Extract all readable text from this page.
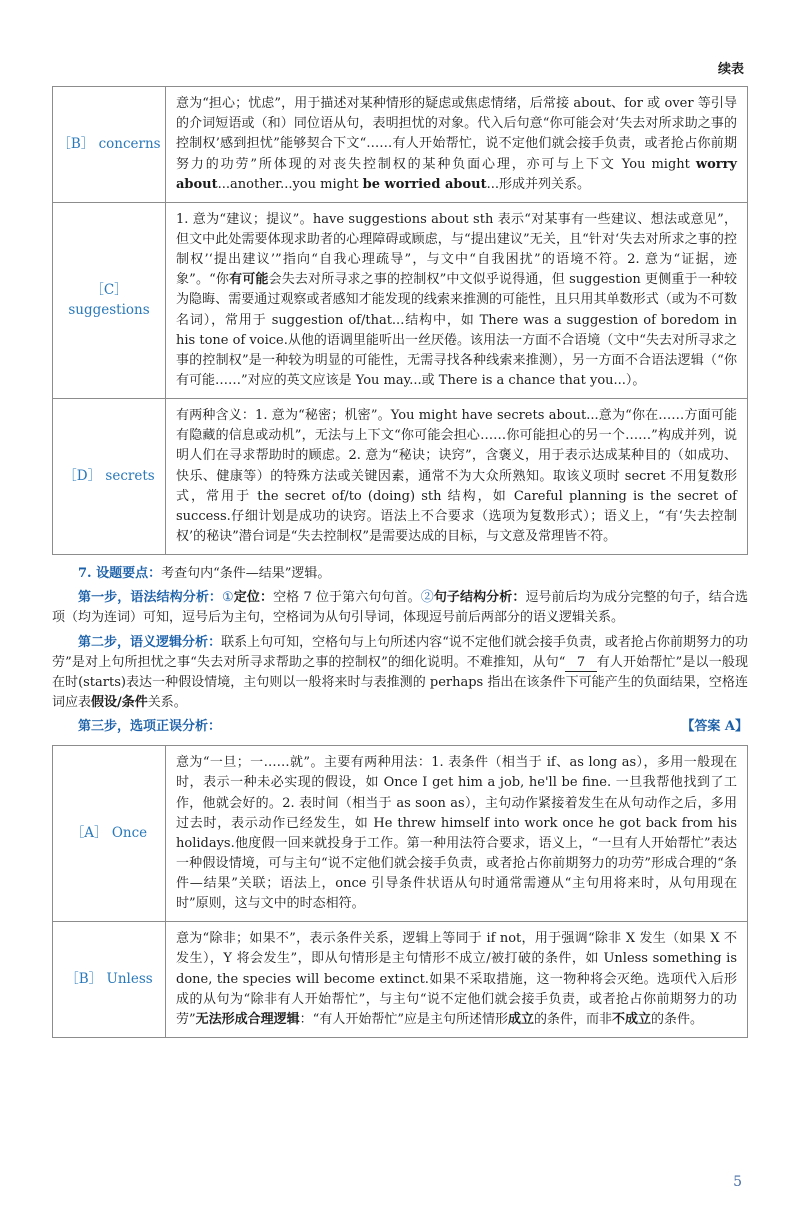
续表
［B］ concerns	意为“担心；忧虑”，用于描述对某种情形的疑虑或焦虑情绪，后常接 about、for 或 over 等引导的介词短语或（和）同位语从句，表明担忧的对象。代入后句意“你可能会对‘失去对所求助之事的控制权’感到担忧”能够契合下文“……有人开始帮忙，说不定他们就会接手负责，或者抢占你前期努力的功劳”所体现的对丧失控制权的某种负面心理，亦可与上下文 You might worry about...another...you might be worried about...形成并列关系。
［C］ suggestions	1. 意为“建议；提议”。have suggestions about sth 表示“对某事有一些建议、想法或意见”，但文中此处需要体现求助者的心理障碍或顾虑，与“提出建议”无关，且“针对‘失去对所求之事的控制权’‘提出建议’”指向“自我心理疏导”，与文中“自我困扰”的语境不符。2. 意为“证据，迹象”。“你有可能会失去对所寻求之事的控制权”中文似乎说得通，但 suggestion 更侧重于一种较为隐晦、需要通过观察或者感知才能发现的线索来推测的可能性，且只用其单数形式（或为不可数名词），常用于 suggestion of/that...结构中，如 There was a suggestion of boredom in his tone of voice.从他的语调里能听出一丝厌倦。该用法一方面不合语境（文中“失去对所寻求之事的控制权”是一种较为明显的可能性，无需寻找各种线索来推测），另一方面不合语法逻辑（“你有可能……”对应的英文应该是 You may...或 There is a chance that you...）。
［D］ secrets	有两种含义：1. 意为“秘密；机密”。You might have secrets about...意为“你在……方面可能有隐藏的信息或动机”，无法与上下文“你可能会担心……你可能担心的另一个……”构成并列，说明人们在寻求帮助时的顾虑。2. 意为“秘诀；诀窍”，含褒义，用于表示达成某种目的（如成功、快乐、健康等）的特殊方法或关键因素，通常不为大众所熟知。取该义项时 secret 不用复数形式，常用于 the secret of/to (doing) sth 结构，如 Careful planning is the secret of success.仔细计划是成功的诀窍。语法上不合要求（选项为复数形式）；语义上，“有‘失去控制权’的秘诀”潜台词是“失去控制权”是需要达成的目标，与文意及常理皆不符。

7. 设题要点：考查句内“条件—结果”逻辑。

第一步，语法结构分析：①定位：空格 7 位于第六句句首。②句子结构分析：逗号前后均为成分完整的句子，结合选项（均为连词）可知，逗号后为主句，空格词为从句引导词，体现逗号前后两部分的语义逻辑关系。

第二步，语义逻辑分析：联系上句可知，空格句与上句所述内容“说不定他们就会接手负责，或者抢占你前期努力的功劳”是对上句所担忧之事“失去对所寻求帮助之事的控制权”的细化说明。不难推知，从句“ 7 有人开始帮忙”是以一般现在时(starts)表达一种假设情境，主句则以一般将来时与表推测的 perhaps 指出在该条件下可能产生的负面结果，空格连词应表假设/条件关系。

第三步，选项正误分析：	【答案 A】

［A］ Once	意为“一旦；一……就”。主要有两种用法：1. 表条件（相当于 if、as long as），多用一般现在时，表示一种未必实现的假设，如 Once I get him a job, he'll be fine. 一旦我帮他找到了工作，他就会好的。2. 表时间（相当于 as soon as），主句动作紧接着发生在从句动作之后，多用过去时，表示动作已经发生，如 He threw himself into work once he got back from his holidays.他度假一回来就投身于工作。第一种用法符合要求，语义上，“一旦有人开始帮忙”表达一种假设情境，可与主句“说不定他们就会接手负责，或者抢占你前期努力的功劳”形成合理的“条件—结果”关联；语法上，once 引导条件状语从句时通常需遵从“主句用将来时，从句用现在时”原则，这与文中的时态相符。
［B］ Unless	意为“除非；如果不”，表示条件关系，逻辑上等同于 if not，用于强调“除非 X 发生（如果 X 不发生），Y 将会发生”，即从句情形是主句情形不成立/被打破的条件，如 Unless something is done, the species will become extinct.如果不采取措施，这一物种将会灭绝。选项代入后形成的从句为“除非有人开始帮忙”，与主句“说不定他们就会接手负责，或者抢占你前期努力的功劳”无法形成合理逻辑：“有人开始帮忙”应是主句所述情形成立的条件，而非不成立的条件。
5
